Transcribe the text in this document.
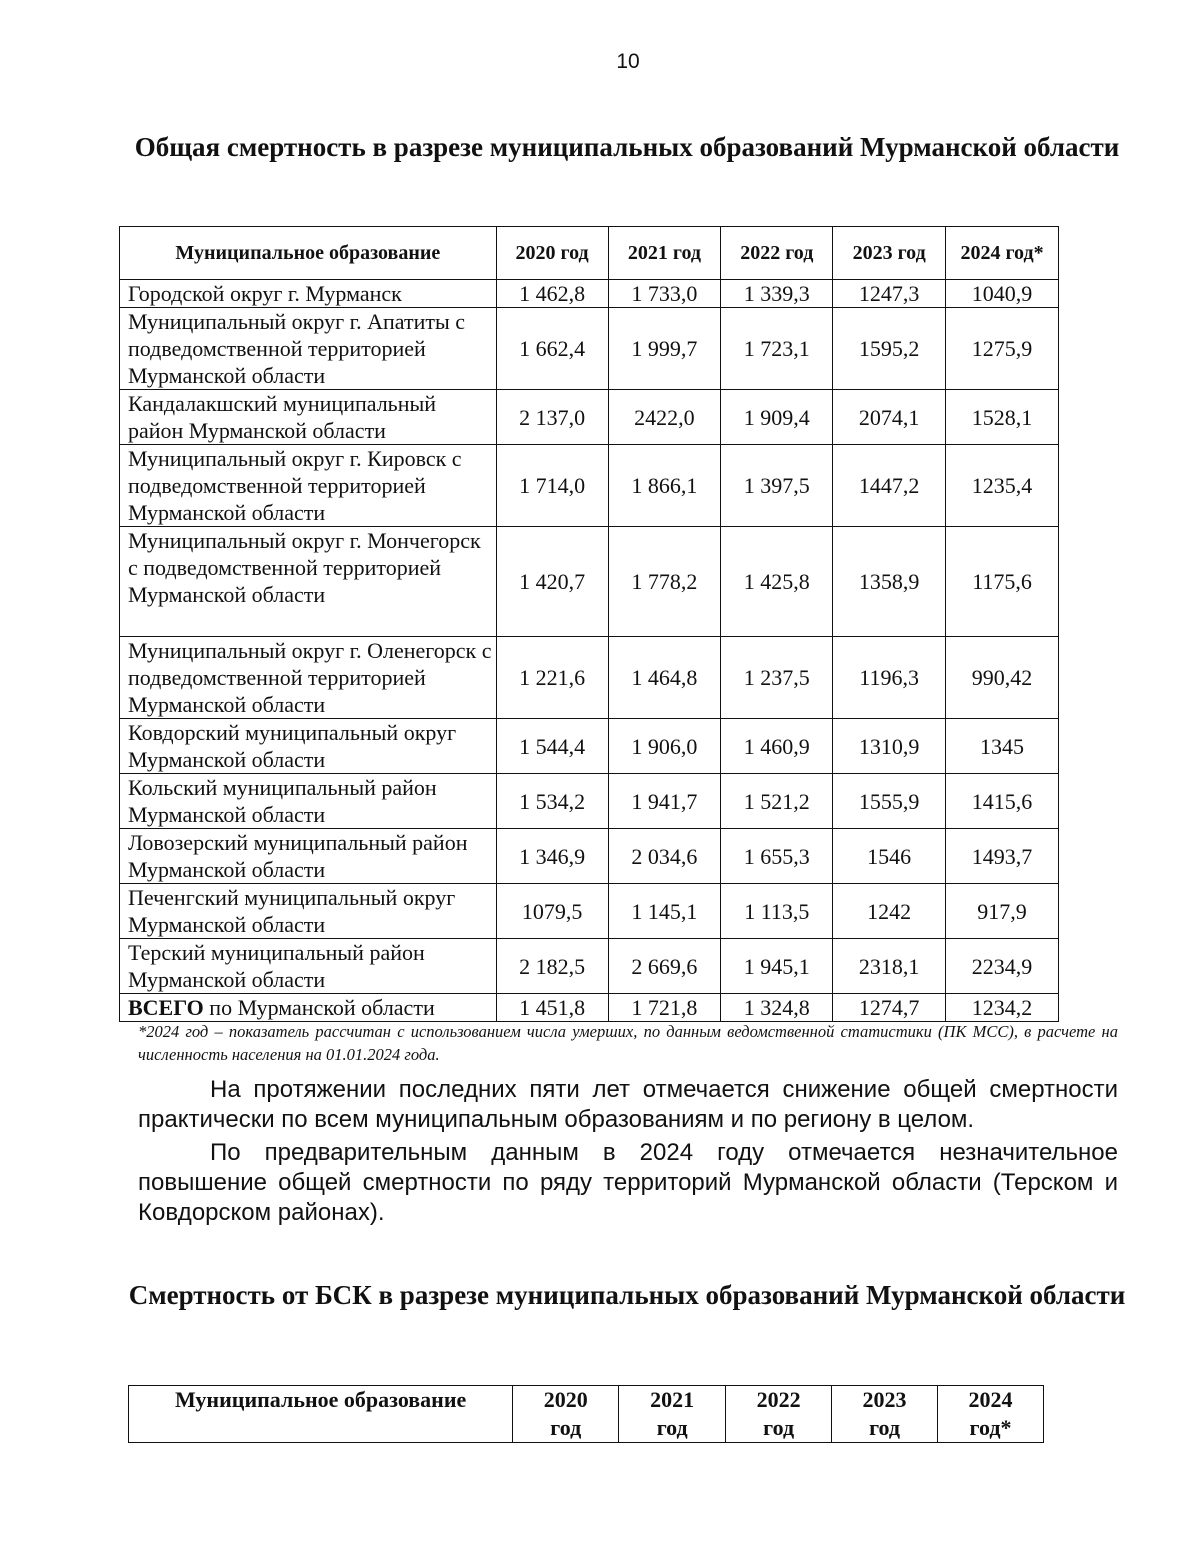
10
Общая смертность в разрезе муниципальных образований Мурманской области
Муниципальное образование	2020 год	2021 год	2022 год	2023 год	2024 год*
Городской округ г. Мурманск	1 462,8	1 733,0	1 339,3	1247,3	1040,9
Муниципальный округ г. Апатиты с подведомственной территорией Мурманской области	1 662,4	1 999,7	1 723,1	1595,2	1275,9
Кандалакшский муниципальный район Мурманской области	2 137,0	2422,0	1 909,4	2074,1	1528,1
Муниципальный округ г. Кировск с подведомственной территорией Мурманской области	1 714,0	1 866,1	1 397,5	1447,2	1235,4
Муниципальный округ г. Мончегорск с подведомственной территорией Мурманской области	1 420,7	1 778,2	1 425,8	1358,9	1175,6
Муниципальный округ г. Оленегорск с подведомственной территорией Мурманской области	1 221,6	1 464,8	1 237,5	1196,3	990,42
Ковдорский муниципальный округ Мурманской области	1 544,4	1 906,0	1 460,9	1310,9	1345
Кольский муниципальный район Мурманской области	1 534,2	1 941,7	1 521,2	1555,9	1415,6
Ловозерский муниципальный район Мурманской области	1 346,9	2 034,6	1 655,3	1546	1493,7
Печенгский муниципальный округ Мурманской области	1079,5	1 145,1	1 113,5	1242	917,9
Терский муниципальный район Мурманской области	2 182,5	2 669,6	1 945,1	2318,1	2234,9
ВСЕГО по Мурманской области	1 451,8	1 721,8	1 324,8	1274,7	1234,2
*2024 год – показатель рассчитан с использованием числа умерших, по данным ведомственной статистики (ПК МСС), в расчете на численность населения на 01.01.2024 года.
На протяжении последних пяти лет отмечается снижение общей смертности практически по всем муниципальным образованиям и по региону в целом.
По предварительным данным в 2024 году отмечается незначительное повышение общей смертности по ряду территорий Мурманской области (Терском и Ковдорском районах).
Смертность от БСК в разрезе муниципальных образований Мурманской области
Муниципальное образование	2020 год	2021 год	2022 год	2023 год	2024 год*
